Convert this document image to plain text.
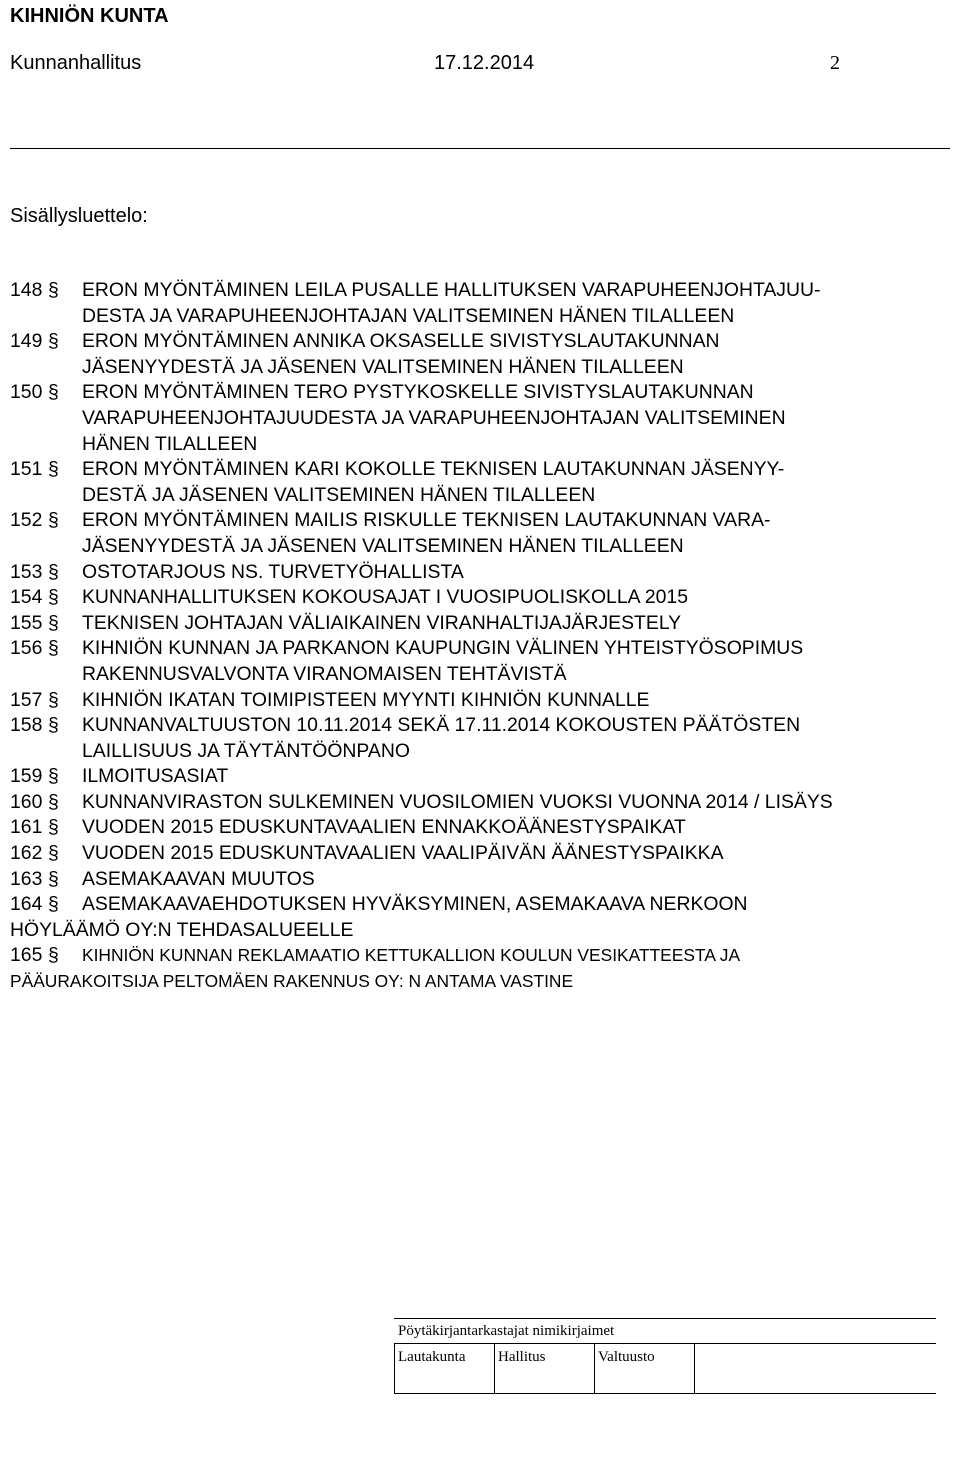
KIHNIÖN KUNTA
Kunnanhallitus	17.12.2014	2
Sisällysluettelo:
148 §	ERON MYÖNTÄMINEN LEILA PUSALLE HALLITUKSEN VARAPUHEENJOHTAJUU-
DESTA JA VARAPUHEENJOHTAJAN VALITSEMINEN HÄNEN TILALLEEN
149 §	ERON MYÖNTÄMINEN ANNIKA OKSASELLE SIVISTYSLAUTAKUNNAN
JÄSENYYDESTÄ JA JÄSENEN VALITSEMINEN HÄNEN TILALLEEN
150 §	ERON MYÖNTÄMINEN TERO PYSTYKOSKELLE SIVISTYSLAUTAKUNNAN
VARAPUHEENJOHTAJUUDESTA JA VARAPUHEENJOHTAJAN VALITSEMINEN
HÄNEN TILALLEEN
151 §	ERON MYÖNTÄMINEN KARI KOKOLLE TEKNISEN LAUTAKUNNAN JÄSENYY-
DESTÄ JA JÄSENEN VALITSEMINEN HÄNEN TILALLEEN
152 §	ERON MYÖNTÄMINEN MAILIS RISKULLE TEKNISEN LAUTAKUNNAN VARA-
JÄSENYYDESTÄ JA JÄSENEN VALITSEMINEN HÄNEN TILALLEEN
153 §	OSTOTARJOUS NS. TURVETYÖHALLISTA
154 §	KUNNANHALLITUKSEN KOKOUSAJAT I VUOSIPUOLISKOLLA 2015
155 §	TEKNISEN JOHTAJAN VÄLIAIKAINEN VIRANHALTIJAJÄRJESTELY
156 §	KIHNIÖN KUNNAN JA PARKANON KAUPUNGIN VÄLINEN YHTEISTYÖSOPIMUS
RAKENNUSVALVONTA VIRANOMAISEN TEHTÄVISTÄ
157 §	KIHNIÖN IKATAN TOIMIPISTEEN MYYNTI KIHNIÖN KUNNALLE
158 §	KUNNANVALTUUSTON 10.11.2014 SEKÄ 17.11.2014 KOKOUSTEN PÄÄTÖSTEN
LAILLISUUS JA TÄYTÄNTÖÖNPANO
159 §	ILMOITUSASIAT
160 §	KUNNANVIRASTON SULKEMINEN VUOSILOMIEN VUOKSI VUONNA 2014 / LISÄYS
161 §	VUODEN 2015 EDUSKUNTAVAALIEN ENNAKKOÄÄNESTYSPAIKAT
162 §	VUODEN 2015 EDUSKUNTAVAALIEN VAALIPÄIVÄN ÄÄNESTYSPAIKKA
163 §	ASEMAKAAVAN MUUTOS
164 § ASEMAKAAVAEHDOTUKSEN HYVÄKSYMINEN, ASEMAKAAVA NERKOON
HÖYLÄÄMÖ OY:N TEHDASALUEELLE
165 § KIHNIÖN KUNNAN REKLAMAATIO KETTUKALLION KOULUN VESIKATTEESTA JA
PÄÄURAKOITSIJA PELTOMÄEN RAKENNUS OY: N ANTAMA VASTINE
Pöytäkirjantarkastajat nimikirjaimet
Lautakunta Hallitus	Valtuusto
